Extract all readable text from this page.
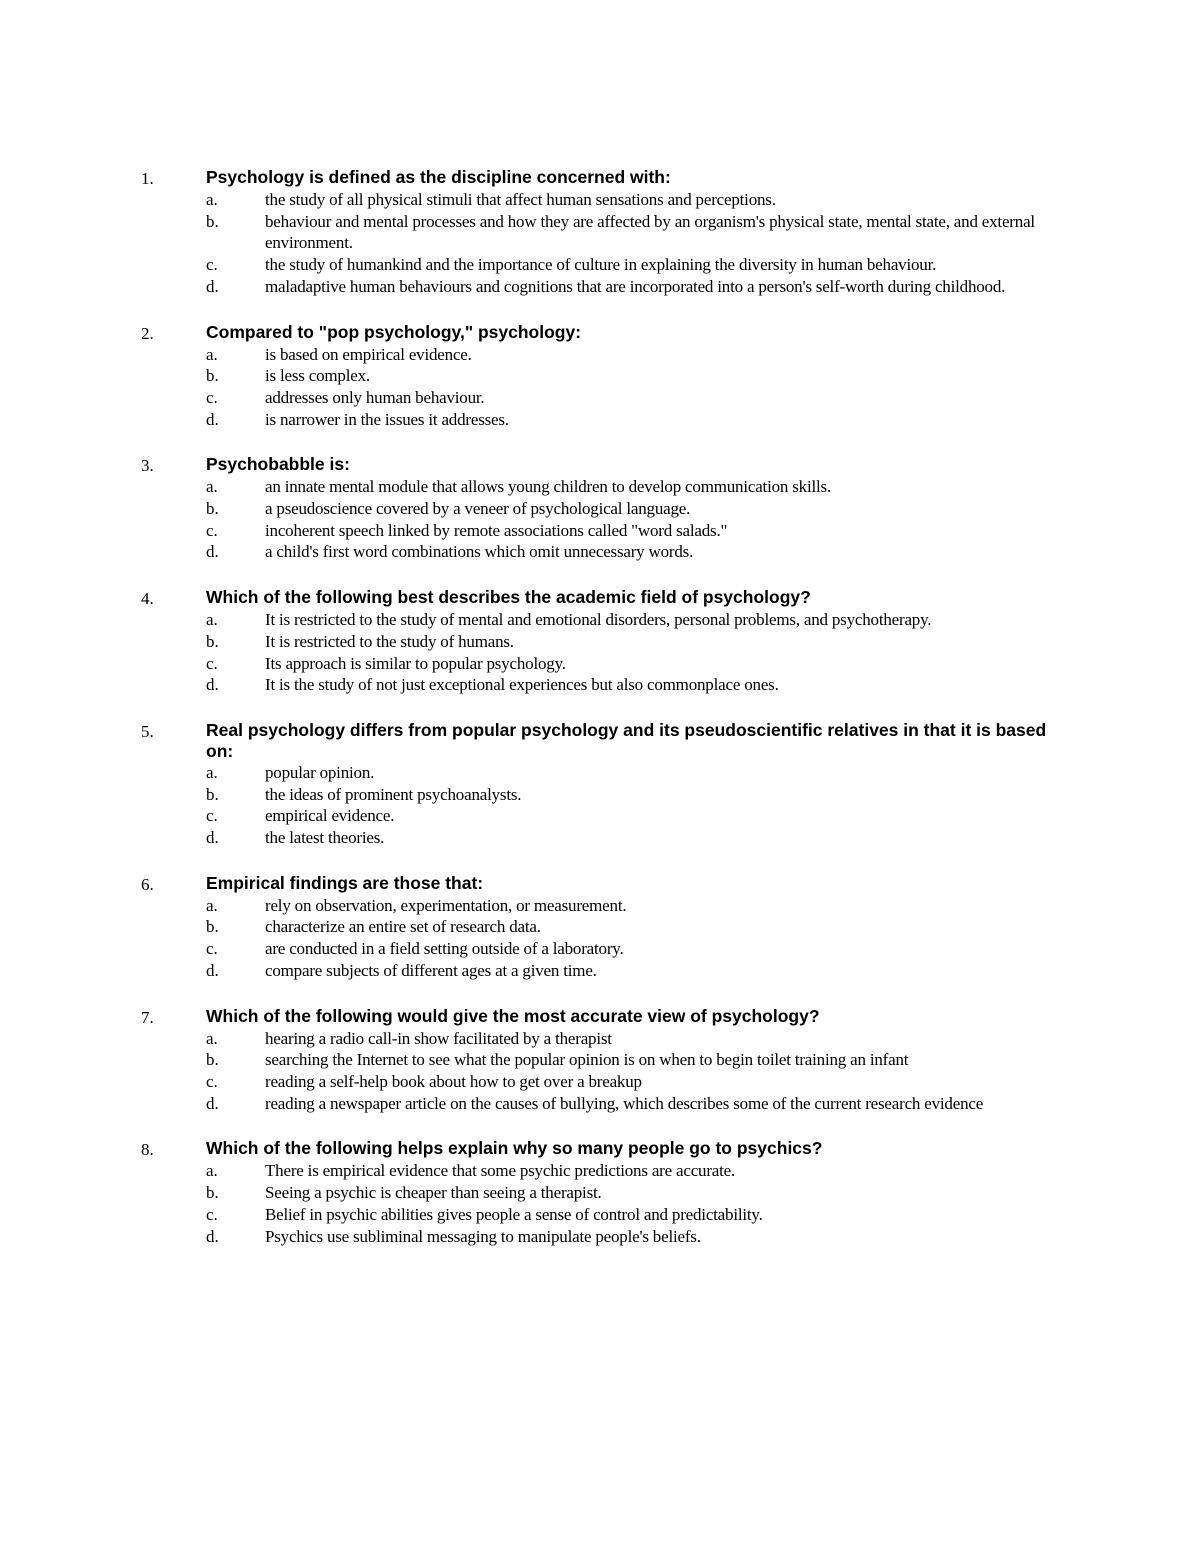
1.	Psychology is defined as the discipline concerned with:
a.	the study of all physical stimuli that affect human sensations and perceptions.
b.	behaviour and mental processes and how they are affected by an organism's physical state, mental state, and external environment.
c.	the study of humankind and the importance of culture in explaining the diversity in human behaviour.
d.	maladaptive human behaviours and cognitions that are incorporated into a person's self-worth during childhood.
2.	Compared to "pop psychology," psychology:
a.	is based on empirical evidence.
b.	is less complex.
c.	addresses only human behaviour.
d.	is narrower in the issues it addresses.
3.	Psychobabble is:
a.	an innate mental module that allows young children to develop communication skills.
b.	a pseudoscience covered by a veneer of psychological language.
c.	incoherent speech linked by remote associations called "word salads."
d.	a child's first word combinations which omit unnecessary words.
4.	Which of the following best describes the academic field of psychology?
a.	It is restricted to the study of mental and emotional disorders, personal problems, and psychotherapy.
b.	It is restricted to the study of humans.
c.	Its approach is similar to popular psychology.
d.	It is the study of not just exceptional experiences but also commonplace ones.
5.	Real psychology differs from popular psychology and its pseudoscientific relatives in that it is based on:
a.	popular opinion.
b.	the ideas of prominent psychoanalysts.
c.	empirical evidence.
d.	the latest theories.
6.	Empirical findings are those that:
a.	rely on observation, experimentation, or measurement.
b.	characterize an entire set of research data.
c.	are conducted in a field setting outside of a laboratory.
d.	compare subjects of different ages at a given time.
7.	Which of the following would give the most accurate view of psychology?
a.	hearing a radio call-in show facilitated by a therapist
b.	searching the Internet to see what the popular opinion is on when to begin toilet training an infant
c.	reading a self-help book about how to get over a breakup
d.	reading a newspaper article on the causes of bullying, which describes some of the current research evidence
8.	Which of the following helps explain why so many people go to psychics?
a.	There is empirical evidence that some psychic predictions are accurate.
b.	Seeing a psychic is cheaper than seeing a therapist.
c.	Belief in psychic abilities gives people a sense of control and predictability.
d.	Psychics use subliminal messaging to manipulate people's beliefs.
